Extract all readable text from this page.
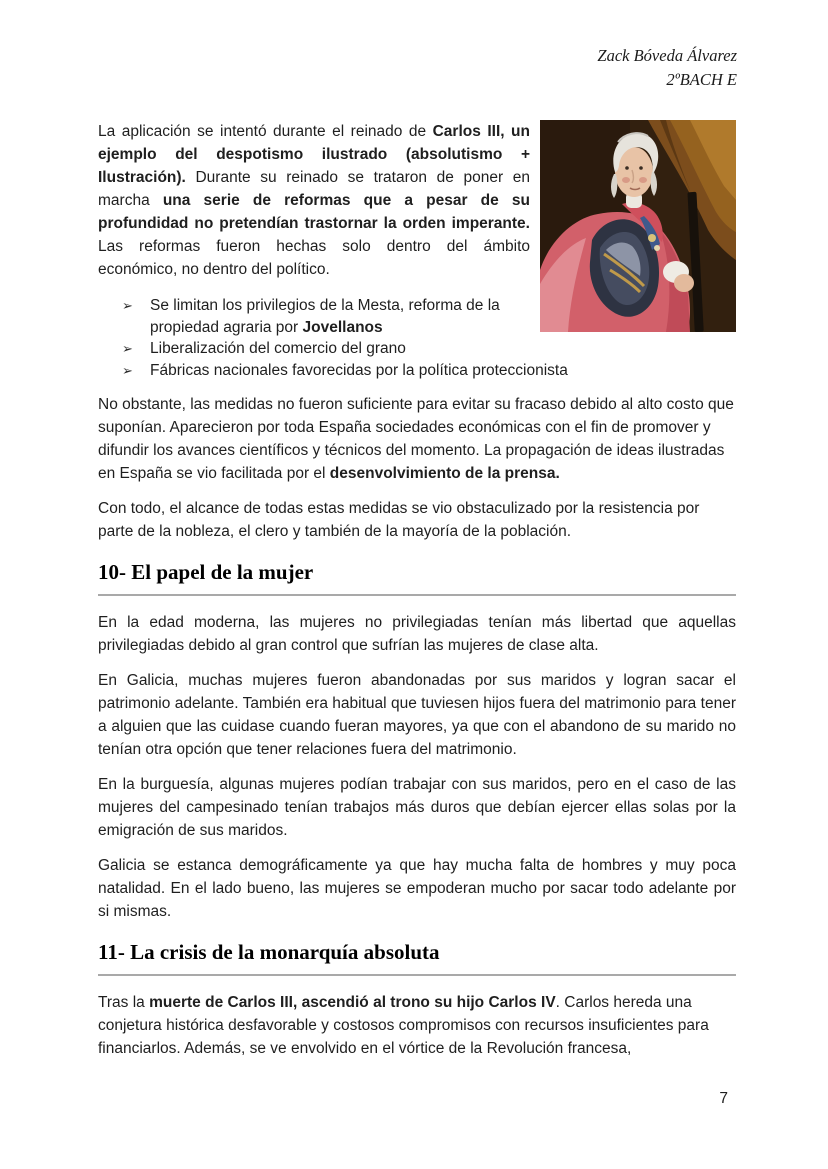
Zack Bóveda Álvarez
2ºBACH E

La aplicación se intentó durante el reinado de Carlos III, un ejemplo del despotismo ilustrado (absolutismo + Ilustración). Durante su reinado se trataron de poner en marcha una serie de reformas que a pesar de su profundidad no pretendían trastornar la orden imperante. Las reformas fueron hechas solo dentro del ámbito económico, no dentro del político.

➢	Se limitan los privilegios de la Mesta, reforma de la propiedad agraria por Jovellanos
➢	Liberalización del comercio del grano
➢	Fábricas nacionales favorecidas por la política proteccionista

No obstante, las medidas no fueron suficiente para evitar su fracaso debido al alto costo que suponían. Aparecieron por toda España sociedades económicas con el fin de promover y difundir los avances científicos y técnicos del momento. La propagación de ideas ilustradas en España se vio facilitada por el desenvolvimiento de la prensa.

Con todo, el alcance de todas estas medidas se vio obstaculizado por la resistencia por parte de la nobleza, el clero y también de la mayoría de la población.

10- El papel de la mujer

En la edad moderna, las mujeres no privilegiadas tenían más libertad que aquellas privilegiadas debido al gran control que sufrían las mujeres de clase alta.

En Galicia, muchas mujeres fueron abandonadas por sus maridos y logran sacar el patrimonio adelante. También era habitual que tuviesen hijos fuera del matrimonio para tener a alguien que las cuidase cuando fueran mayores, ya que con el abandono de su marido no tenían otra opción que tener relaciones fuera del matrimonio.

En la burguesía, algunas mujeres podían trabajar con sus maridos, pero en el caso de las mujeres del campesinado tenían trabajos más duros que debían ejercer ellas solas por la emigración de sus maridos.

Galicia se estanca demográficamente ya que hay mucha falta de hombres y muy poca natalidad. En el lado bueno, las mujeres se empoderan mucho por sacar todo adelante por si mismas.

11- La crisis de la monarquía absoluta

Tras la muerte de Carlos III, ascendió al trono su hijo Carlos IV. Carlos hereda una conjetura histórica desfavorable y costosos compromisos con recursos insuficientes para financiarlos. Además, se ve envolvido en el vórtice de la Revolución francesa,

7
